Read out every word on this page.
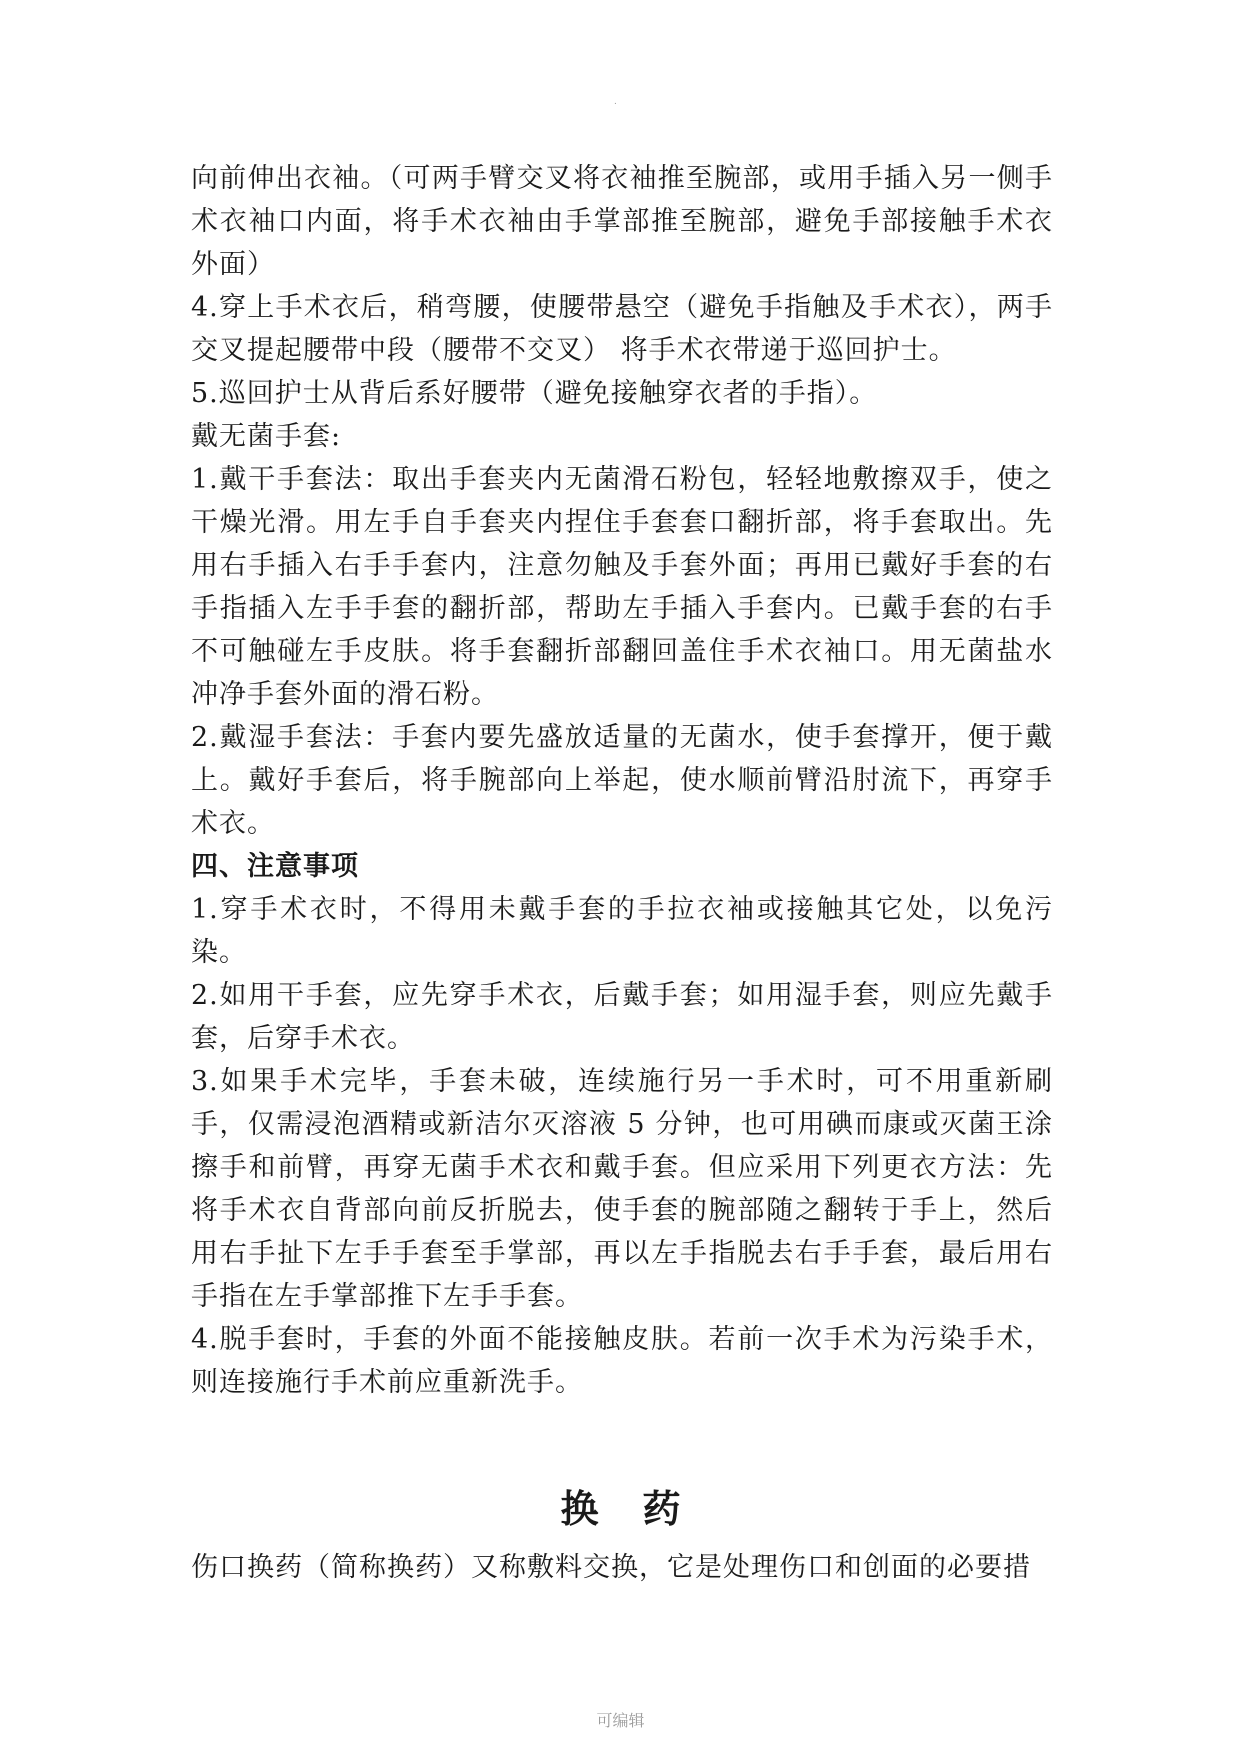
.

向前伸出衣袖。（可两手臂交叉将衣袖推至腕部，或用手插入另一侧手术衣袖口内面，将手术衣袖由手掌部推至腕部，避免手部接触手术衣外面）

4.穿上手术衣后，稍弯腰，使腰带悬空（避免手指触及手术衣），两手交叉提起腰带中段（腰带不交叉） 将手术衣带递于巡回护士。

5.巡回护士从背后系好腰带（避免接触穿衣者的手指）。

戴无菌手套:

1.戴干手套法：取出手套夹内无菌滑石粉包，轻轻地敷擦双手，使之干燥光滑。用左手自手套夹内捏住手套套口翻折部，将手套取出。先用右手插入右手手套内，注意勿触及手套外面；再用已戴好手套的右手指插入左手手套的翻折部，帮助左手插入手套内。已戴手套的右手不可触碰左手皮肤。将手套翻折部翻回盖住手术衣袖口。用无菌盐水冲净手套外面的滑石粉。

2.戴湿手套法：手套内要先盛放适量的无菌水，使手套撑开，便于戴上。戴好手套后，将手腕部向上举起，使水顺前臂沿肘流下，再穿手术衣。

四、注意事项

1.穿手术衣时，不得用未戴手套的手拉衣袖或接触其它处，以免污染。

2.如用干手套，应先穿手术衣，后戴手套；如用湿手套，则应先戴手套，后穿手术衣。

3.如果手术完毕，手套未破，连续施行另一手术时，可不用重新刷手，仅需浸泡酒精或新洁尔灭溶液 5 分钟，也可用碘而康或灭菌王涂擦手和前臂，再穿无菌手术衣和戴手套。但应采用下列更衣方法：先将手术衣自背部向前反折脱去，使手套的腕部随之翻转于手上，然后用右手扯下左手手套至手掌部，再以左手指脱去右手手套，最后用右手指在左手掌部推下左手手套。

4.脱手套时，手套的外面不能接触皮肤。若前一次手术为污染手术，则连接施行手术前应重新洗手。

换药

伤口换药（简称换药）又称敷料交换，它是处理伤口和创面的必要措

可编辑
